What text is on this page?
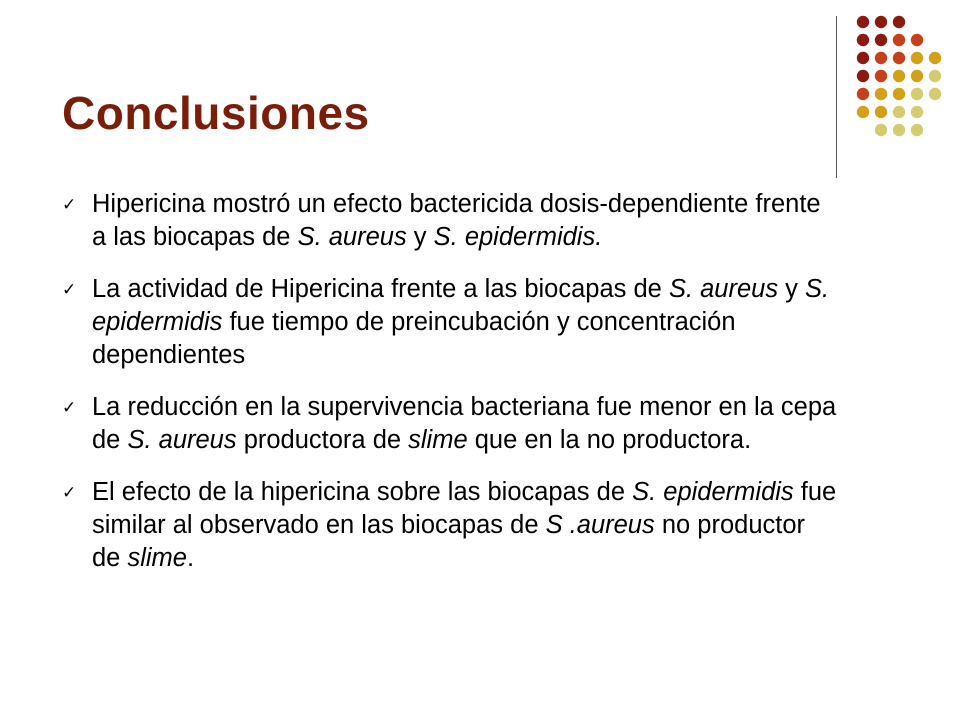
Conclusiones
✓ Hipericina mostró un efecto bactericida dosis-dependiente frente a las biocapas de S. aureus y S. epidermidis.
✓ La actividad de Hipericina frente a las biocapas de S. aureus y S. epidermidis fue tiempo de preincubación y concentración dependientes
✓ La reducción en la supervivencia bacteriana fue menor en la cepa de S. aureus productora de slime que en la no productora.
✓ El efecto de la hipericina sobre las biocapas de S. epidermidis fue similar al observado en las biocapas de S .aureus no productor de slime.
